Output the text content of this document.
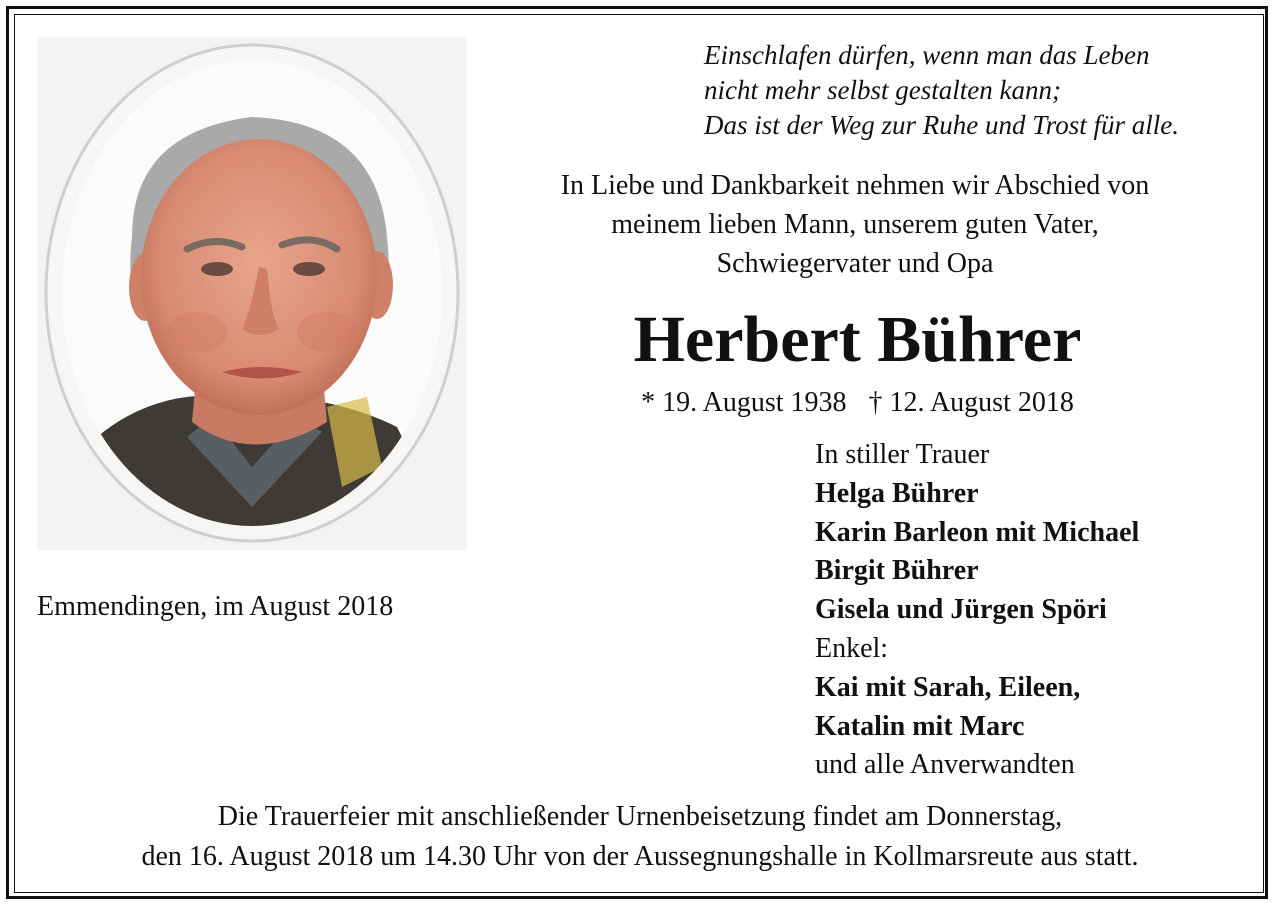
Einschlafen dürfen, wenn man das Leben
nicht mehr selbst gestalten kann;
Das ist der Weg zur Ruhe und Trost für alle.
In Liebe und Dankbarkeit nehmen wir Abschied von
meinem lieben Mann, unserem guten Vater,
Schwiegervater und Opa
Herbert Bührer
* 19. August 1938 † 12. August 2018
In stiller Trauer
Helga Bührer
Karin Barleon mit Michael
Birgit Bührer
Gisela und Jürgen Spöri
Enkel:
Kai mit Sarah, Eileen,
Katalin mit Marc
und alle Anverwandten
Emmendingen, im August 2018
Die Trauerfeier mit anschließender Urnenbeisetzung findet am Donnerstag,
den 16. August 2018 um 14.30 Uhr von der Aussegnungshalle in Kollmarsreute aus statt.
